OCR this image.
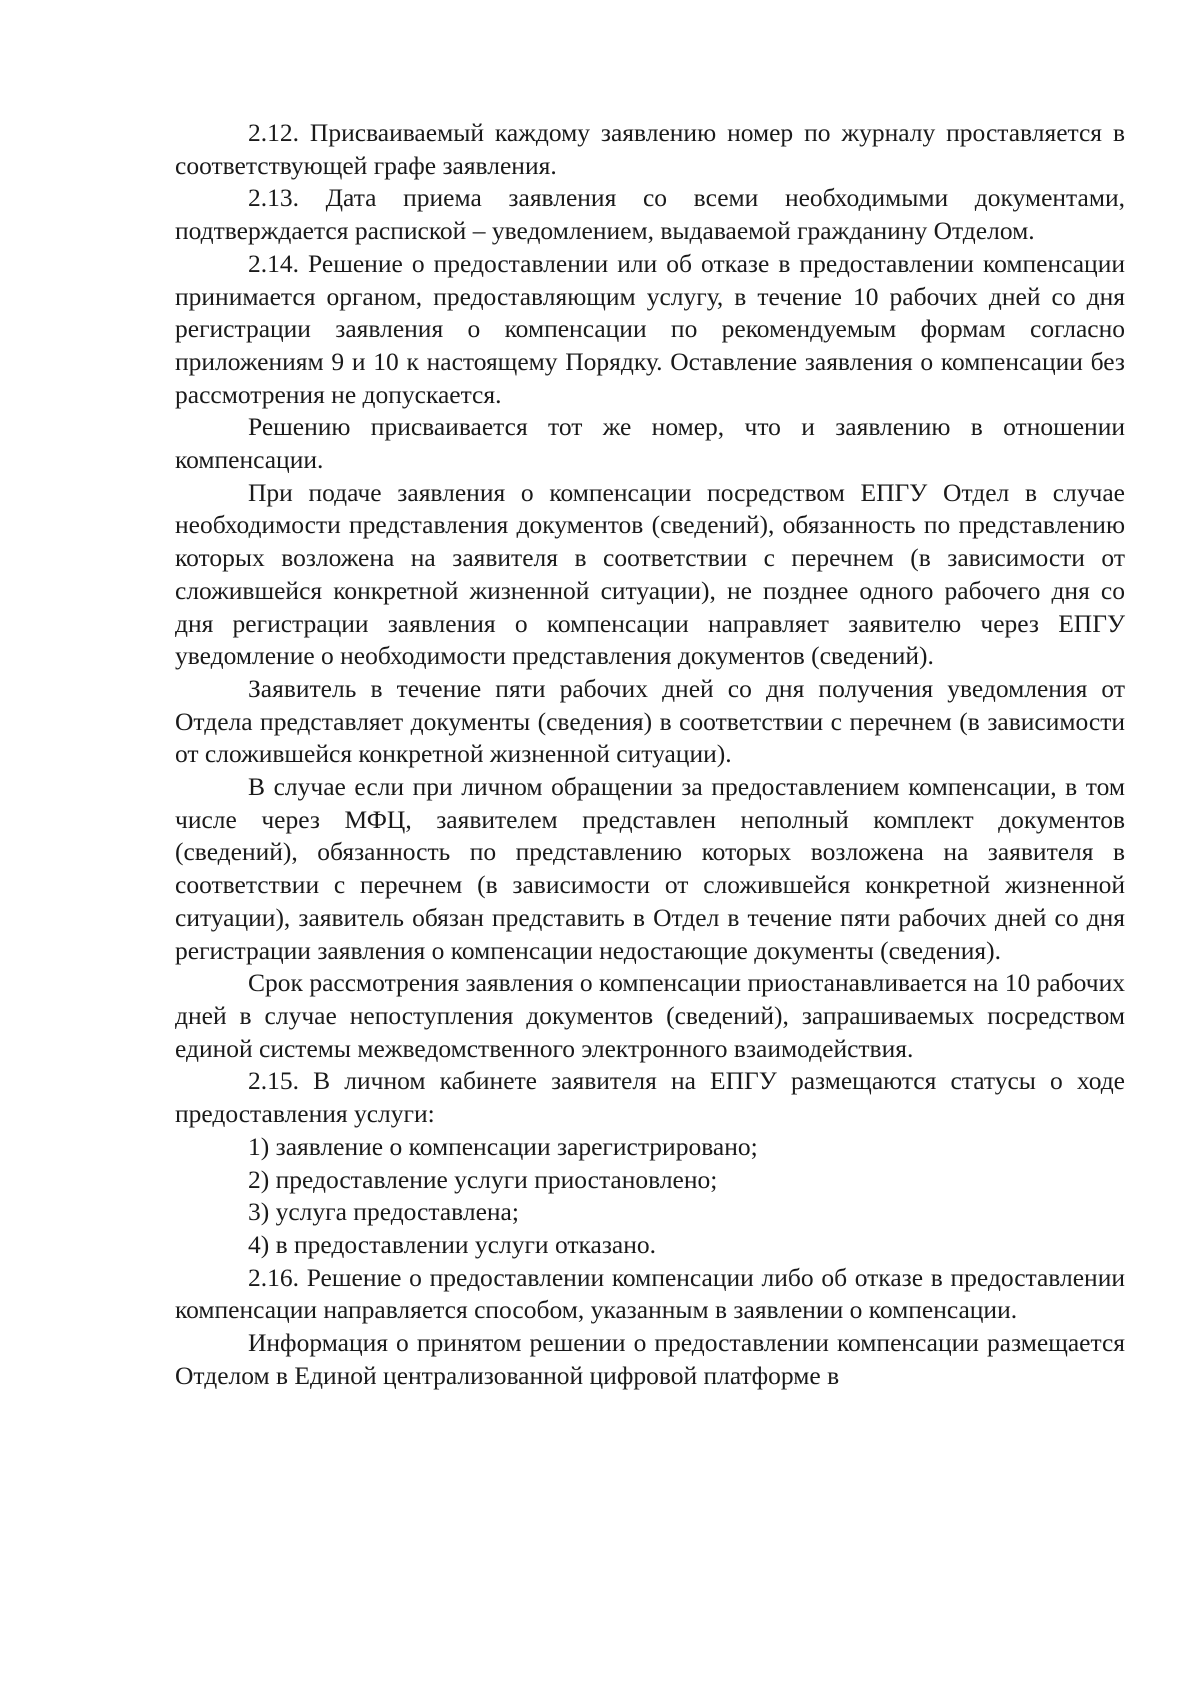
2.12. Присваиваемый каждому заявлению номер по журналу проставляется в соответствующей графе заявления.

2.13. Дата приема заявления со всеми необходимыми документами, подтверждается распиской – уведомлением, выдаваемой гражданину Отделом.

2.14. Решение о предоставлении или об отказе в предоставлении компенсации принимается органом, предоставляющим услугу, в течение 10 рабочих дней со дня регистрации заявления о компенсации по рекомендуемым формам согласно приложениям 9 и 10 к настоящему Порядку. Оставление заявления о компенсации без рассмотрения не допускается.

Решению присваивается тот же номер, что и заявлению в отношении компенсации.

При подаче заявления о компенсации посредством ЕПГУ Отдел в случае необходимости представления документов (сведений), обязанность по представлению которых возложена на заявителя в соответствии с перечнем (в зависимости от сложившейся конкретной жизненной ситуации), не позднее одного рабочего дня со дня регистрации заявления о компенсации направляет заявителю через ЕПГУ уведомление о необходимости представления документов (сведений).

Заявитель в течение пяти рабочих дней со дня получения уведомления от Отдела представляет документы (сведения) в соответствии с перечнем (в зависимости от сложившейся конкретной жизненной ситуации).

В случае если при личном обращении за предоставлением компенсации, в том числе через МФЦ, заявителем представлен неполный комплект документов (сведений), обязанность по представлению которых возложена на заявителя в соответствии с перечнем (в зависимости от сложившейся конкретной жизненной ситуации), заявитель обязан представить в Отдел в течение пяти рабочих дней со дня регистрации заявления о компенсации недостающие документы (сведения).

Срок рассмотрения заявления о компенсации приостанавливается на 10 рабочих дней в случае непоступления документов (сведений), запрашиваемых посредством единой системы межведомственного электронного взаимодействия.

2.15. В личном кабинете заявителя на ЕПГУ размещаются статусы о ходе предоставления услуги:

1) заявление о компенсации зарегистрировано;

2) предоставление услуги приостановлено;

3) услуга предоставлена;

4) в предоставлении услуги отказано.

2.16. Решение о предоставлении компенсации либо об отказе в предоставлении компенсации направляется способом, указанным в заявлении о компенсации.

Информация о принятом решении о предоставлении компенсации размещается Отделом в Единой централизованной цифровой платформе в
